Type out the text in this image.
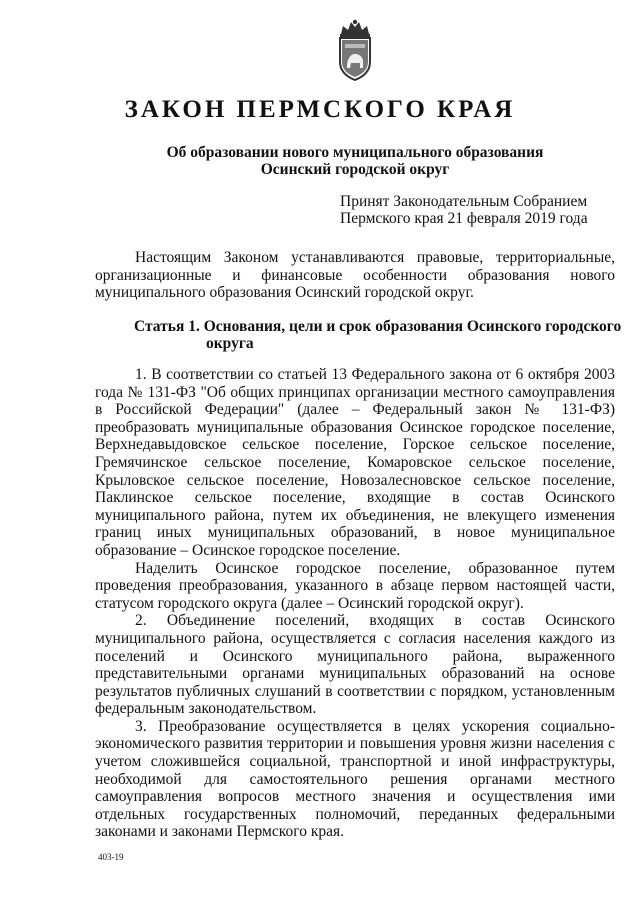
ЗАКОН ПЕРМСКОГО КРАЯ
Об образовании нового муниципального образования
Осинский городской округ
Принят Законодательным Собранием
Пермского края 21 февраля 2019 года

Настоящим Законом устанавливаются правовые, территориальные, организационные и финансовые особенности образования нового муниципального образования Осинский городской округ.

Статья 1. Основания, цели и срок образования Осинского городского
округа

1. В соответствии со статьей 13 Федерального закона от 6 октября 2003 года № 131-ФЗ "Об общих принципах организации местного самоуправления в Российской Федерации" (далее – Федеральный закон № 131-ФЗ) преобразовать муниципальные образования Осинское городское поселение, Верхнедавыдовское сельское поселение, Горское сельское поселение, Гремячинское сельское поселение, Комаровское сельское поселение, Крыловское сельское поселение, Новозалесновское сельское поселение, Паклинское сельское поселение, входящие в состав Осинского муниципального района, путем их объединения, не влекущего изменения границ иных муниципальных образований, в новое муниципальное образование – Осинское городское поселение.

Наделить Осинское городское поселение, образованное путем проведения преобразования, указанного в абзаце первом настоящей части, статусом городского округа (далее – Осинский городской округ).

2. Объединение поселений, входящих в состав Осинского муниципального района, осуществляется с согласия населения каждого из поселений и Осинского муниципального района, выраженного представительными органами муниципальных образований на основе результатов публичных слушаний в соответствии с порядком, установленным федеральным законодательством.

3. Преобразование осуществляется в целях ускорения социально-экономического развития территории и повышения уровня жизни населения с учетом сложившейся социальной, транспортной и иной инфраструктуры, необходимой для самостоятельного решения органами местного самоуправления вопросов местного значения и осуществления ими отдельных государственных полномочий, переданных федеральными законами и законами Пермского края.

403-19
